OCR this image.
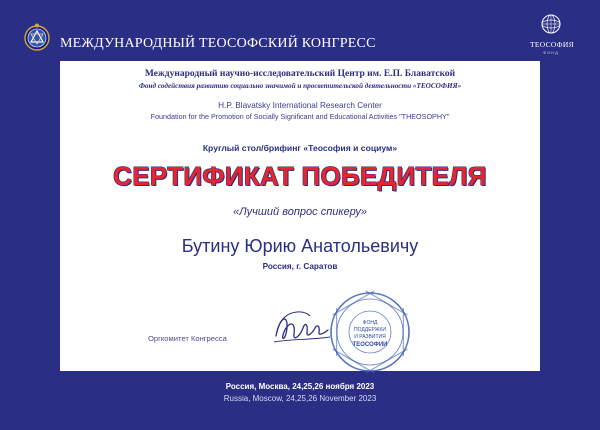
МЕЖДУНАРОДНЫЙ ТЕОСОФСКИЙ КОНГРЕСС	ТЕОСОФИЯ
ФОНД
Международный научно-исследовательский Центр им. Е.П. Блаватской
Фонд содействия развитию социально значимой и просветительской деятельности «ТЕОСОФИЯ»
H.P. Blavatsky International Research Center
Foundation for the Promotion of Socially Significant and Educational Activities "THEOSOPHY"
Круглый стол/брифинг «Теософия и социум»
СЕРТИФИКАТ ПОБЕДИТЕЛЯ
«Лучший вопрос спикеру»
Бутину Юрию Анатольевичу
Россия, г. Саратов
Оргкомитет Конгресса
ФОНД
ПОДДЕРЖКИ
И РАЗВИТИЯ
ТЕОСОФИИ
Россия, Москва, 24,25,26 ноября 2023
Russia, Moscow, 24,25,26 November 2023
